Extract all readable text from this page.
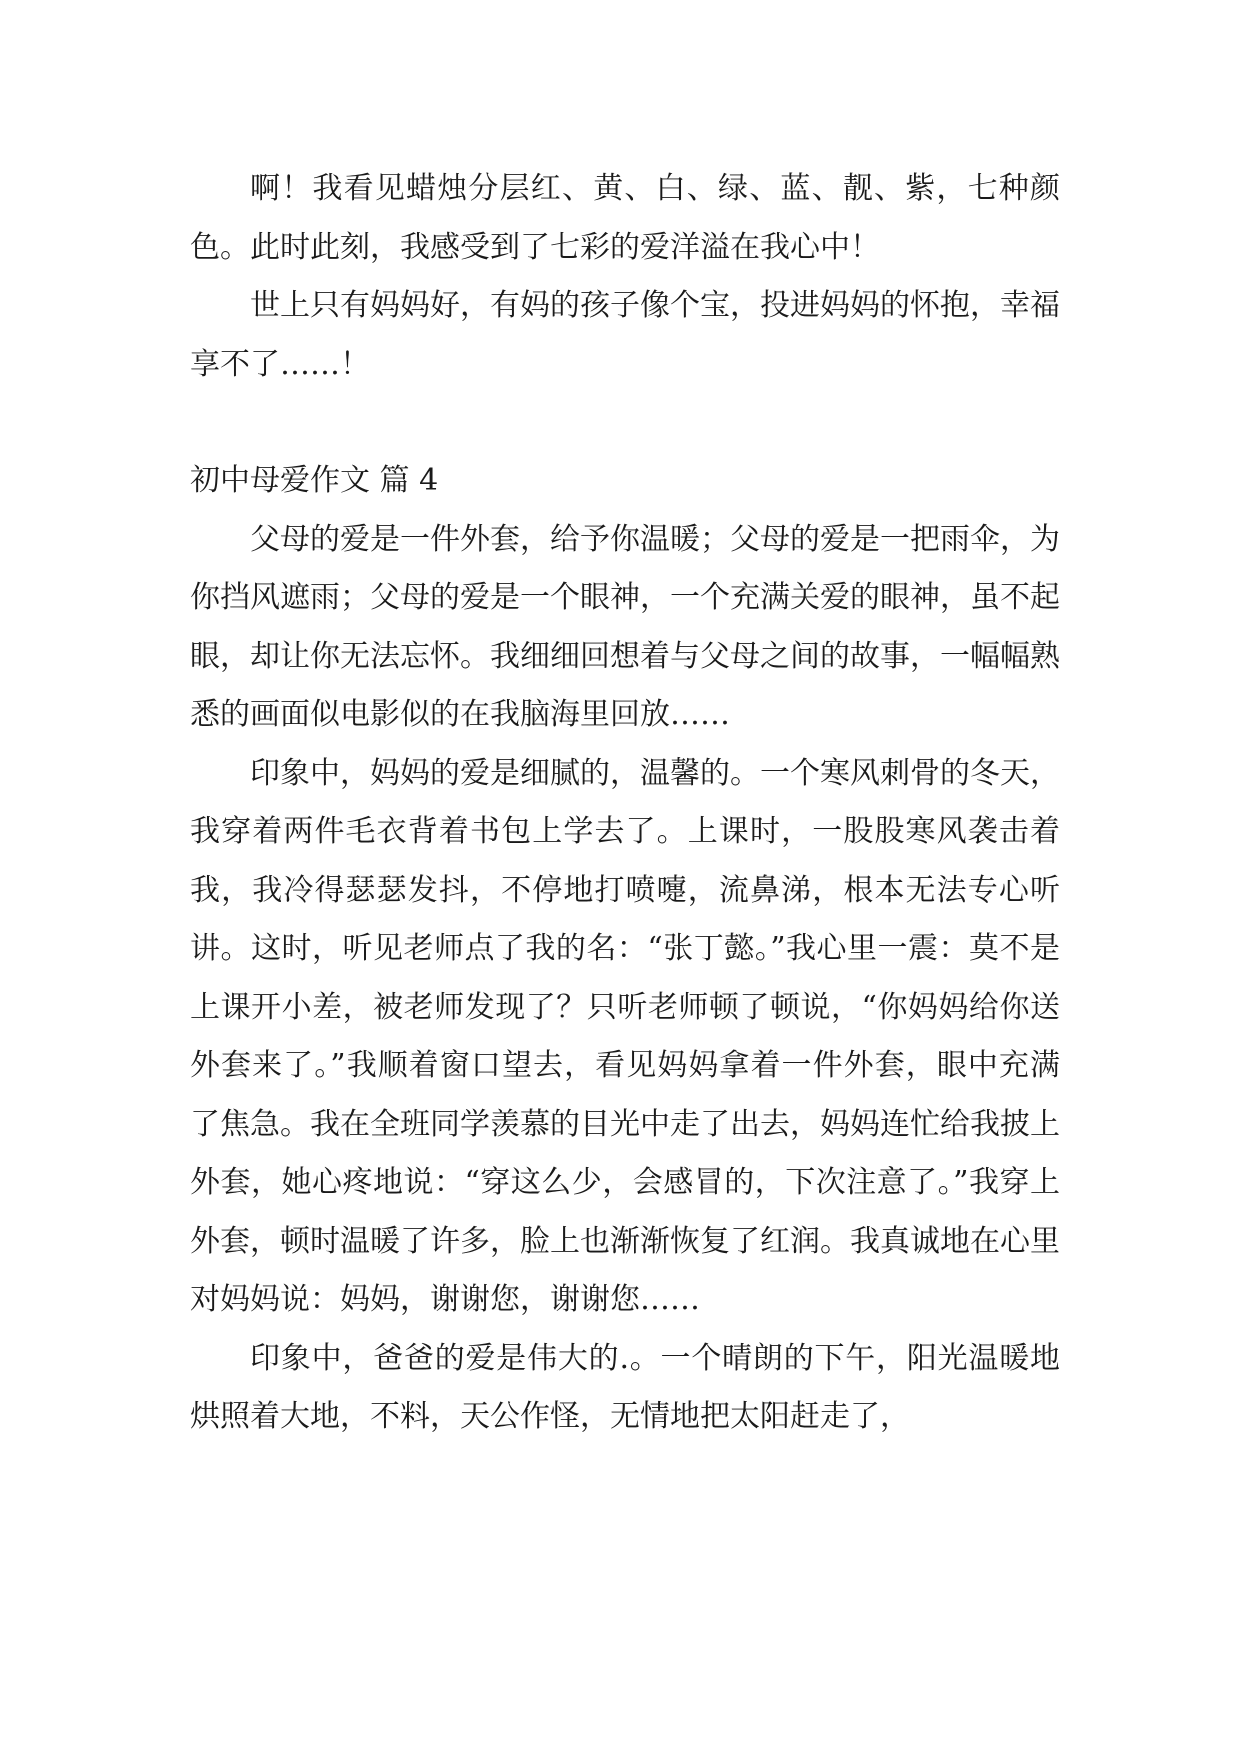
啊！我看见蜡烛分层红、黄、白、绿、蓝、靓、紫，七种颜色。此时此刻，我感受到了七彩的爱洋溢在我心中！

世上只有妈妈好，有妈的孩子像个宝，投进妈妈的怀抱，幸福享不了……！

初中母爱作文 篇 4

父母的爱是一件外套，给予你温暖；父母的爱是一把雨伞，为你挡风遮雨；父母的爱是一个眼神，一个充满关爱的眼神，虽不起眼，却让你无法忘怀。我细细回想着与父母之间的故事，一幅幅熟悉的画面似电影似的在我脑海里回放……

印象中，妈妈的爱是细腻的，温馨的。一个寒风刺骨的冬天，我穿着两件毛衣背着书包上学去了。上课时，一股股寒风袭击着我，我冷得瑟瑟发抖，不停地打喷嚏，流鼻涕，根本无法专心听讲。这时，听见老师点了我的名：“张丁懿。”我心里一震：莫不是上课开小差，被老师发现了？只听老师顿了顿说，“你妈妈给你送外套来了。”我顺着窗口望去，看见妈妈拿着一件外套，眼中充满了焦急。我在全班同学羡慕的目光中走了出去，妈妈连忙给我披上外套，她心疼地说：“穿这么少，会感冒的，下次注意了。”我穿上外套，顿时温暖了许多，脸上也渐渐恢复了红润。我真诚地在心里对妈妈说：妈妈，谢谢您，谢谢您……

印象中，爸爸的爱是伟大的.。一个晴朗的下午，阳光温暖地烘照着大地，不料，天公作怪，无情地把太阳赶走了，
